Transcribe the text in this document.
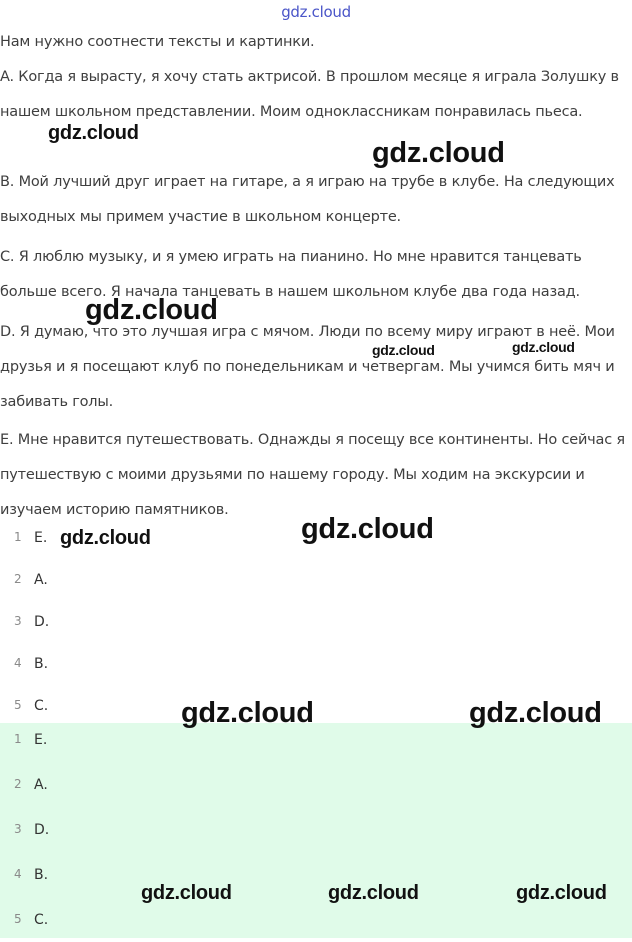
gdz.cloud

Нам нужно соотнести тексты и картинки.

A. Когда я вырасту, я хочу стать актрисой. В прошлом месяце я играла Золушку в нашем школьном представлении. Моим одноклассникам понравилась пьеса.

B. Мой лучший друг играет на гитаре, а я играю на трубе в клубе. На следующих выходных мы примем участие в школьном концерте.

C. Я люблю музыку, и я умею играть на пианино. Но мне нравится танцевать больше всего. Я начала танцевать в нашем школьном клубе два года назад.

D. Я думаю, что это лучшая игра с мячом. Люди по всему миру играют в неё. Мои друзья и я посещают клуб по понедельникам и четвергам. Мы учимся бить мяч и забивать голы.

E. Мне нравится путешествовать. Однажды я посещу все континенты. Но сейчас я путешествую с моими друзьями по нашему городу. Мы ходим на экскурсии и изучаем историю памятников.

1 E.
2 A.
3 D.
4 B.
5 C.
1 E.
2 A.
3 D.
4 B.
5 C.
gdz.cloud
gdz.cloud
gdz.cloud
gdz.cloud	gdz.cloud
gdz.cloud	gdz.cloud
gdz.cloud	gdz.cloud
gdz.cloud	gdz.cloud	gdz.cloud
